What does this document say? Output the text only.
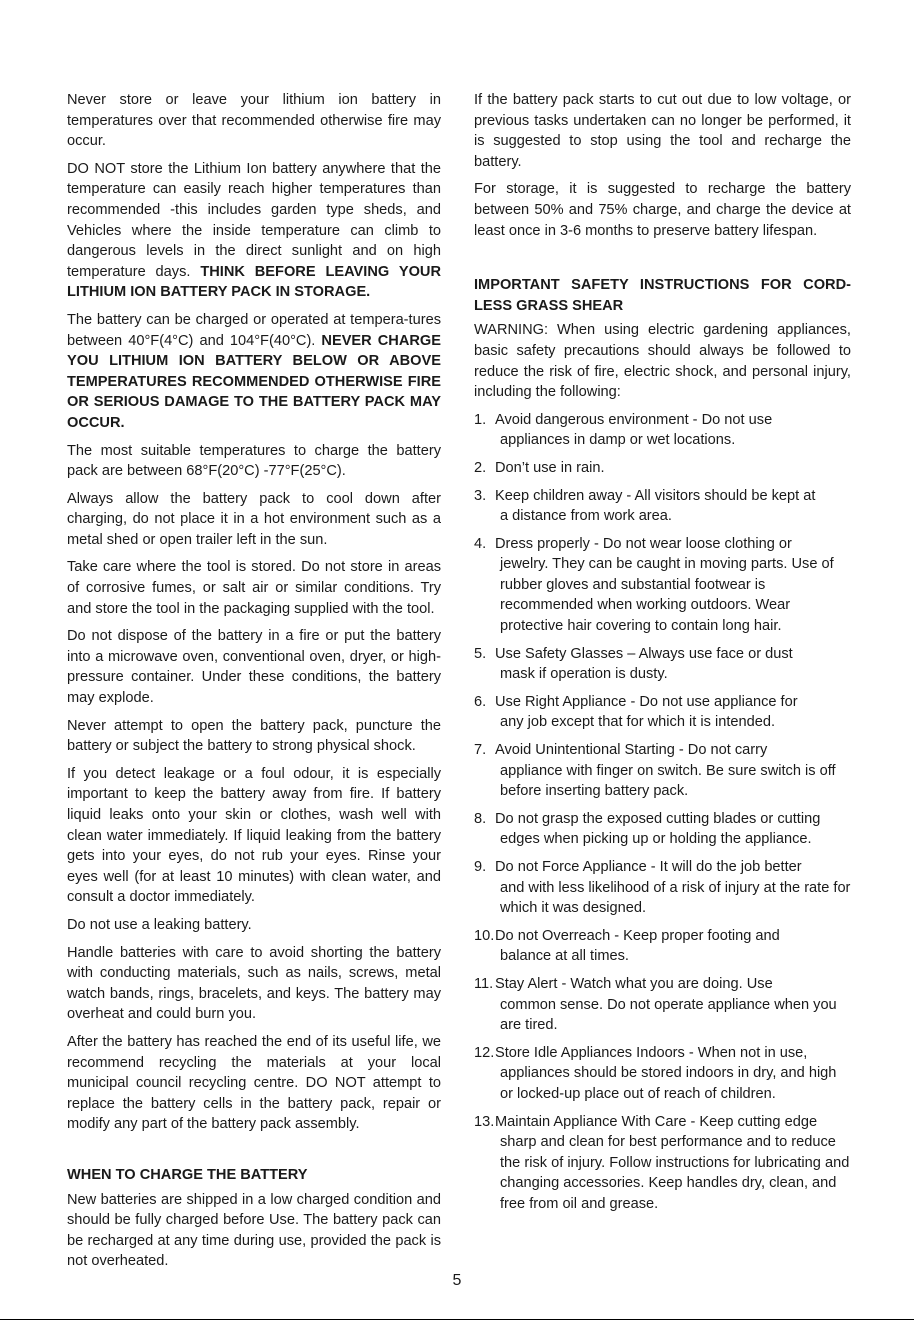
Never store or leave your lithium ion battery in temperatures over that recommended otherwise fire may occur.

DO NOT store the Lithium Ion battery anywhere that the temperature can easily reach higher temperatures than recommended -this includes garden type sheds, and Vehicles where the inside temperature can climb to dangerous levels in the direct sunlight and on high temperature days. THINK BEFORE LEAVING YOUR LITHIUM ION BATTERY PACK IN STORAGE.

The battery can be charged or operated at tempera-tures between 40°F(4°C) and 104°F(40°C). NEVER CHARGE YOU LITHIUM ION BATTERY BELOW OR ABOVE TEMPERATURES RECOMMENDED OTHERWISE FIRE OR SERIOUS DAMAGE TO THE BATTERY PACK MAY OCCUR.

The most suitable temperatures to charge the battery pack are between 68°F(20°C) -77°F(25°C).

Always allow the battery pack to cool down after charging, do not place it in a hot environment such as a metal shed or open trailer left in the sun.

Take care where the tool is stored. Do not store in areas of corrosive fumes, or salt air or similar conditions. Try and store the tool in the packaging supplied with the tool.

Do not dispose of the battery in a fire or put the battery into a microwave oven, conventional oven, dryer, or high-pressure container. Under these conditions, the battery may explode.

Never attempt to open the battery pack, puncture the battery or subject the battery to strong physical shock.

If you detect leakage or a foul odour, it is especially important to keep the battery away from fire. If battery liquid leaks onto your skin or clothes, wash well with clean water immediately. If liquid leaking from the battery gets into your eyes, do not rub your eyes. Rinse your eyes well (for at least 10 minutes) with clean water, and consult a doctor immediately.

Do not use a leaking battery.

Handle batteries with care to avoid shorting the battery with conducting materials, such as nails, screws, metal watch bands, rings, bracelets, and keys. The battery may overheat and could burn you.

After the battery has reached the end of its useful life, we recommend recycling the materials at your local municipal council recycling centre. DO NOT attempt to replace the battery cells in the battery pack, repair or modify any part of the battery pack assembly.

WHEN TO CHARGE THE BATTERY

New batteries are shipped in a low charged condition and should be fully charged before Use. The battery pack can be recharged at any time during use, provided the pack is not overheated.

If the battery pack starts to cut out due to low voltage, or previous tasks undertaken can no longer be performed, it is suggested to stop using the tool and recharge the battery.

For storage, it is suggested to recharge the battery between 50% and 75% charge, and charge the device at least once in 3-6 months to preserve battery lifespan.

IMPORTANT SAFETY INSTRUCTIONS FOR CORD-LESS GRASS SHEAR

WARNING: When using electric gardening appliances, basic safety precautions should always be followed to reduce the risk of fire, electric shock, and personal injury, including the following:

1. Avoid dangerous environment - Do not use
appliances in damp or wet locations.
2. Don’t use in rain.
3. Keep children away - All visitors should be kept at
a distance from work area.
4. Dress properly - Do not wear loose clothing or
jewelry. They can be caught in moving parts. Use of rubber gloves and substantial footwear is recommended when working outdoors. Wear protective hair covering to contain long hair.
5. Use Safety Glasses – Always use face or dust
mask if operation is dusty.
6. Use Right Appliance - Do not use appliance for
any job except that for which it is intended.
7. Avoid Unintentional Starting - Do not carry
appliance with finger on switch. Be sure switch is off before inserting battery pack.
8. Do not grasp the exposed cutting blades or cutting
edges when picking up or holding the appliance.
9. Do not Force Appliance - It will do the job better
and with less likelihood of a risk of injury at the rate for which it was designed.
10. Do not Overreach - Keep proper footing and
balance at all times.
11. Stay Alert - Watch what you are doing. Use
common sense. Do not operate appliance when you are tired.
12. Store Idle Appliances Indoors - When not in use,
appliances should be stored indoors in dry, and high or locked-up place out of reach of children.
13. Maintain Appliance With Care - Keep cutting edge
sharp and clean for best performance and to reduce the risk of injury. Follow instructions for lubricating and changing accessories. Keep handles dry, clean, and free from oil and grease.
5
